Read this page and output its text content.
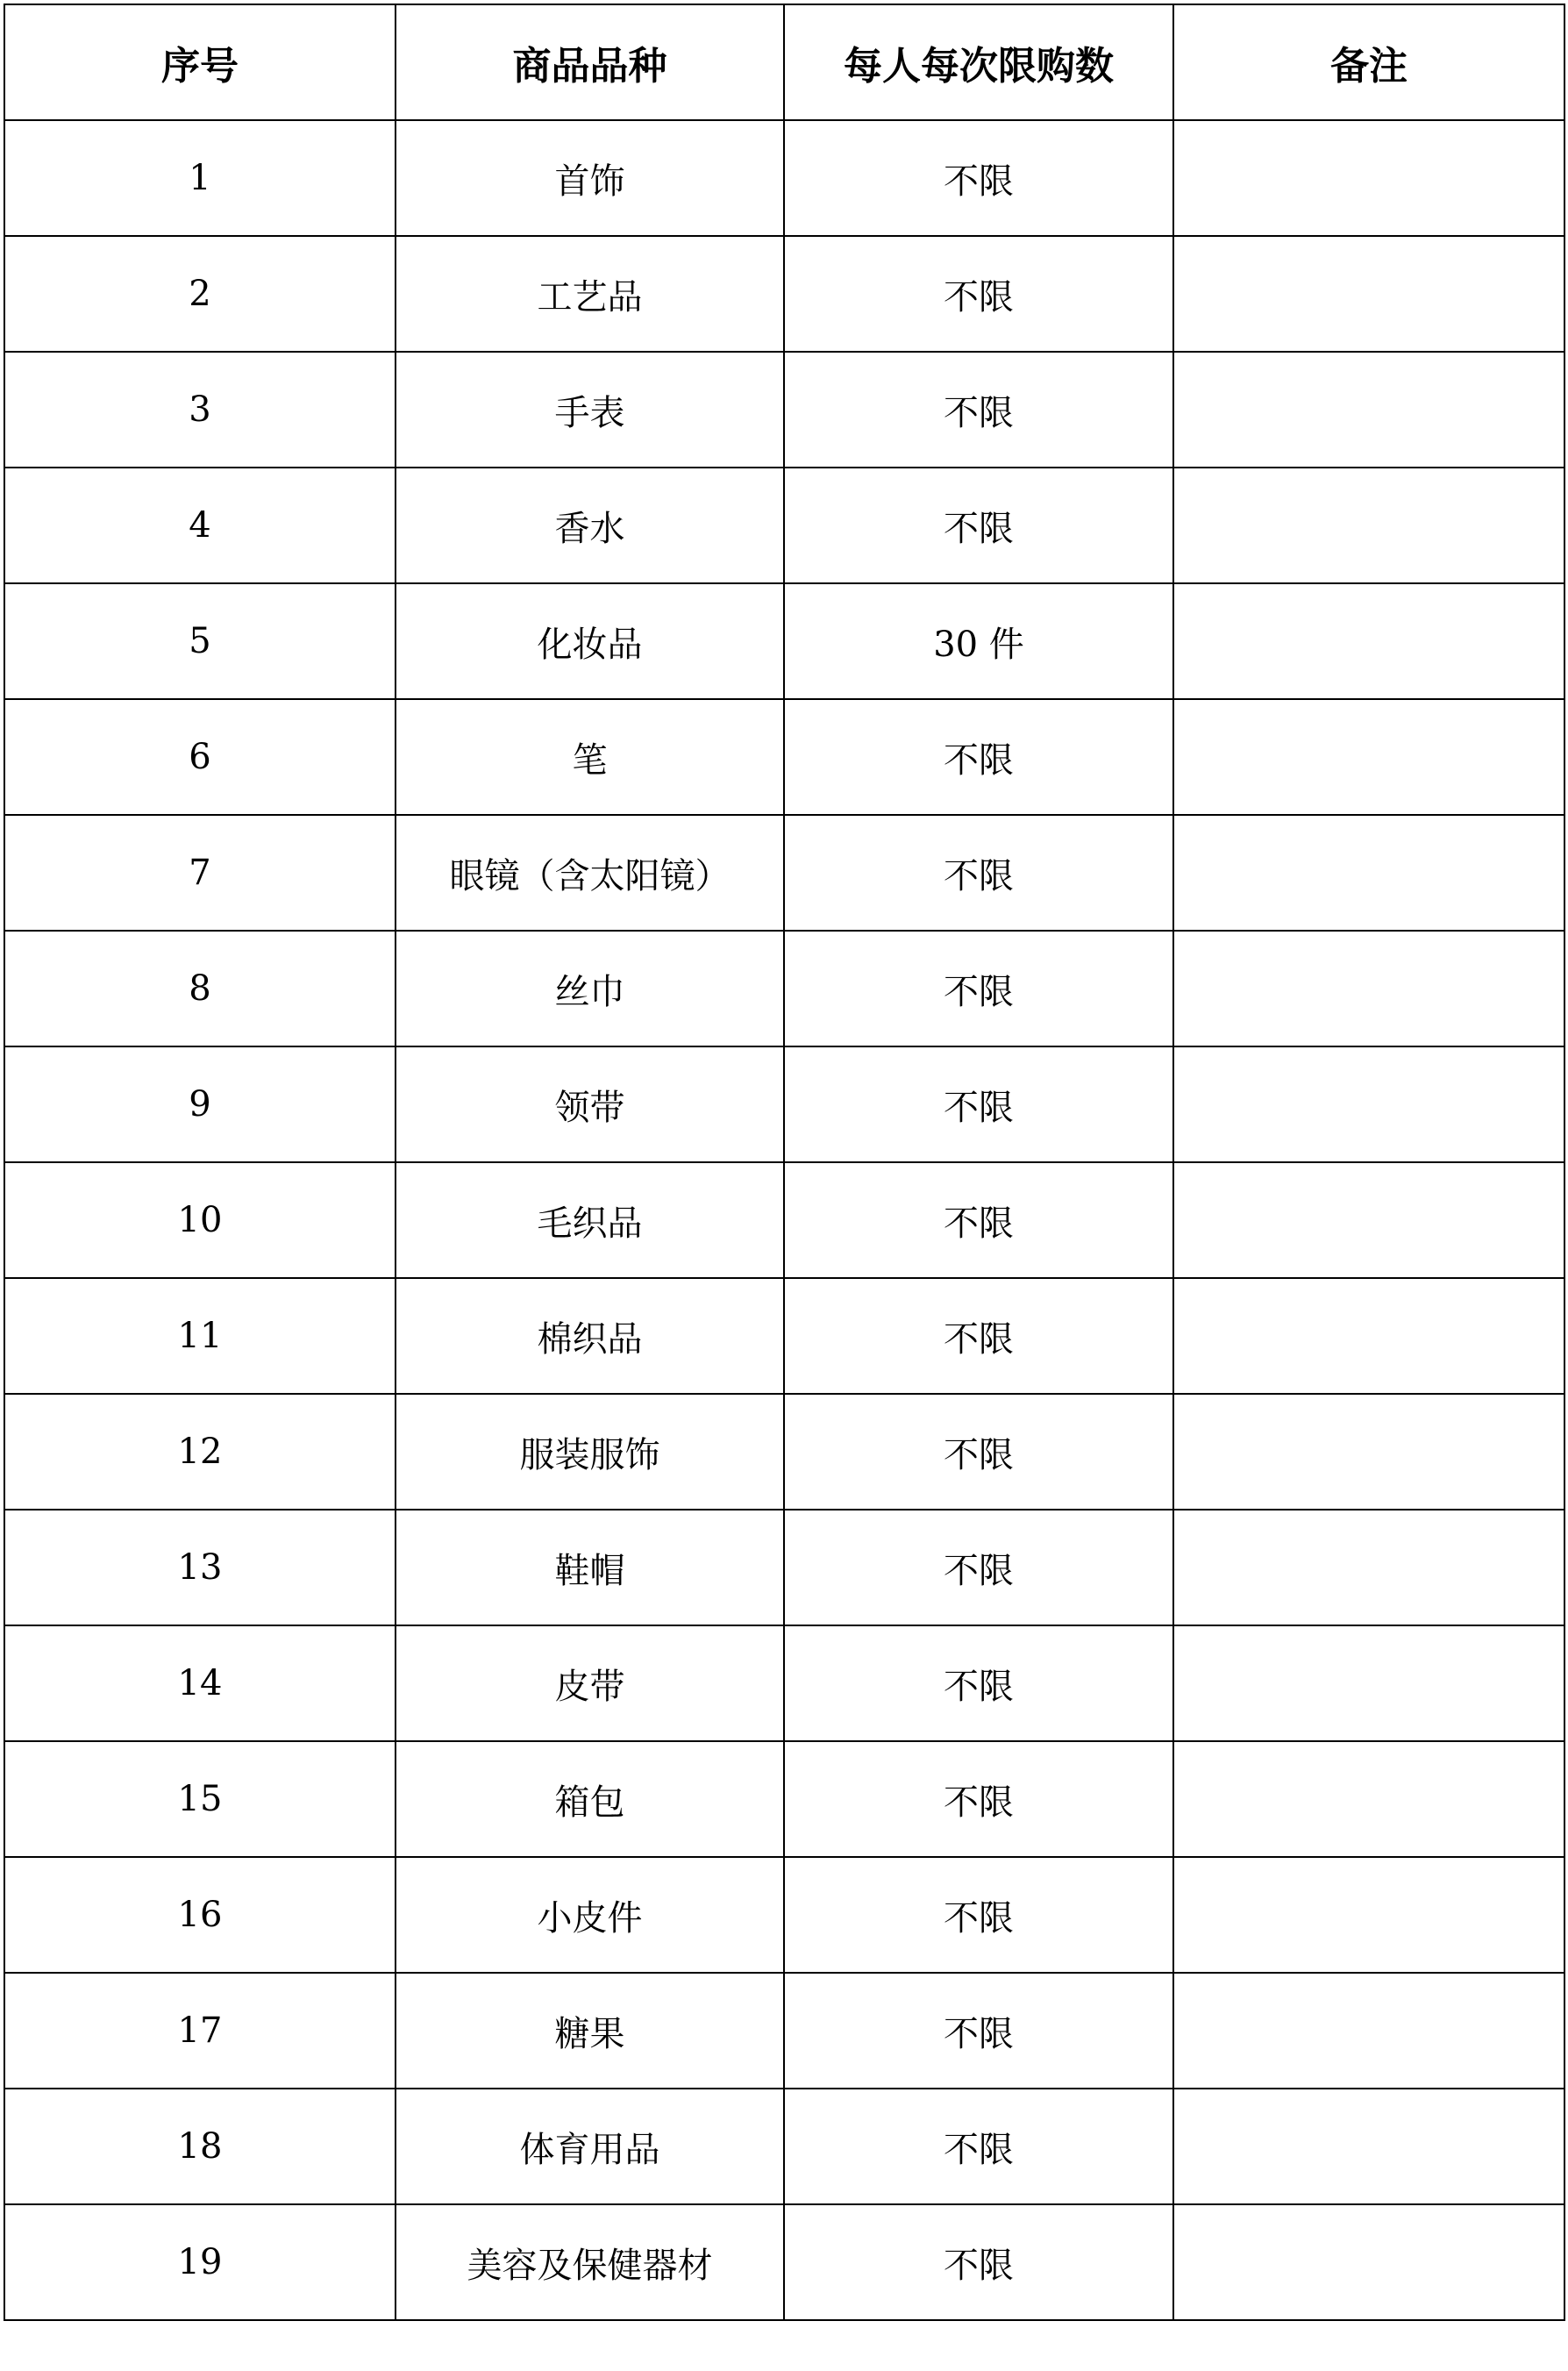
序号	商品品种	每人每次限购数	备注
1	首饰	不限	
2	工艺品	不限	
3	手表	不限	
4	香水	不限	
5	化妆品	30 件	
6	笔	不限	
7	眼镜（含太阳镜）	不限	
8	丝巾	不限	
9	领带	不限	
10	毛织品	不限	
11	棉织品	不限	
12	服装服饰	不限	
13	鞋帽	不限	
14	皮带	不限	
15	箱包	不限	
16	小皮件	不限	
17	糖果	不限	
18	体育用品	不限	
19	美容及保健器材	不限	
